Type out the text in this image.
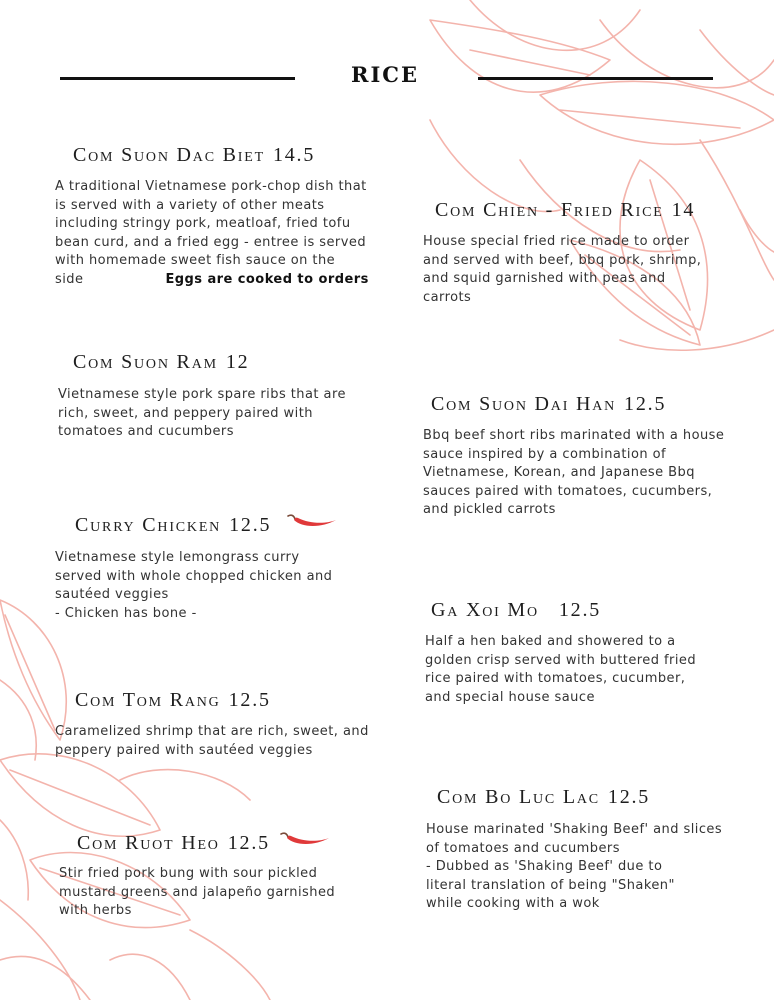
RICE
Com Suon Dac Biet 14.5
A traditional Vietnamese pork-chop dish that
is served with a variety of other meats
including stringy pork, meatloaf, fried tofu
bean curd, and a fried egg - entree is served
with homemade sweet fish sauce on the
side	Eggs are cooked to orders
Com Chien - Fried Rice 14
House special fried rice made to order
and served with beef, bbq pork, shrimp,
and squid garnished with peas and
carrots
Com Suon Ram 12
Vietnamese style pork spare ribs that are
rich, sweet, and peppery paired with
tomatoes and cucumbers
Com Suon Dai Han 12.5
Bbq beef short ribs marinated with a house
sauce inspired by a combination of
Vietnamese, Korean, and Japanese Bbq
sauces paired with tomatoes, cucumbers,
and pickled carrots
Curry Chicken 12.5
Vietnamese style lemongrass curry
served with whole chopped chicken and
sautéed veggies
- Chicken has bone -	Ga Xoi Mo 12.5
Half a hen baked and showered to a
golden crisp served with buttered fried
rice paired with tomatoes, cucumber,
and special house sauce
Com Tom Rang 12.5
Caramelized shrimp that are rich, sweet, and
peppery paired with sautéed veggies
Com Bo Luc Lac 12.5
House marinated 'Shaking Beef' and slices
of tomatoes and cucumbers
- Dubbed as 'Shaking Beef' due to
literal translation of being "Shaken"
while cooking with a wok
Com Ruot Heo 12.5
Stir fried pork bung with sour pickled
mustard greens and jalapeño garnished
with herbs
